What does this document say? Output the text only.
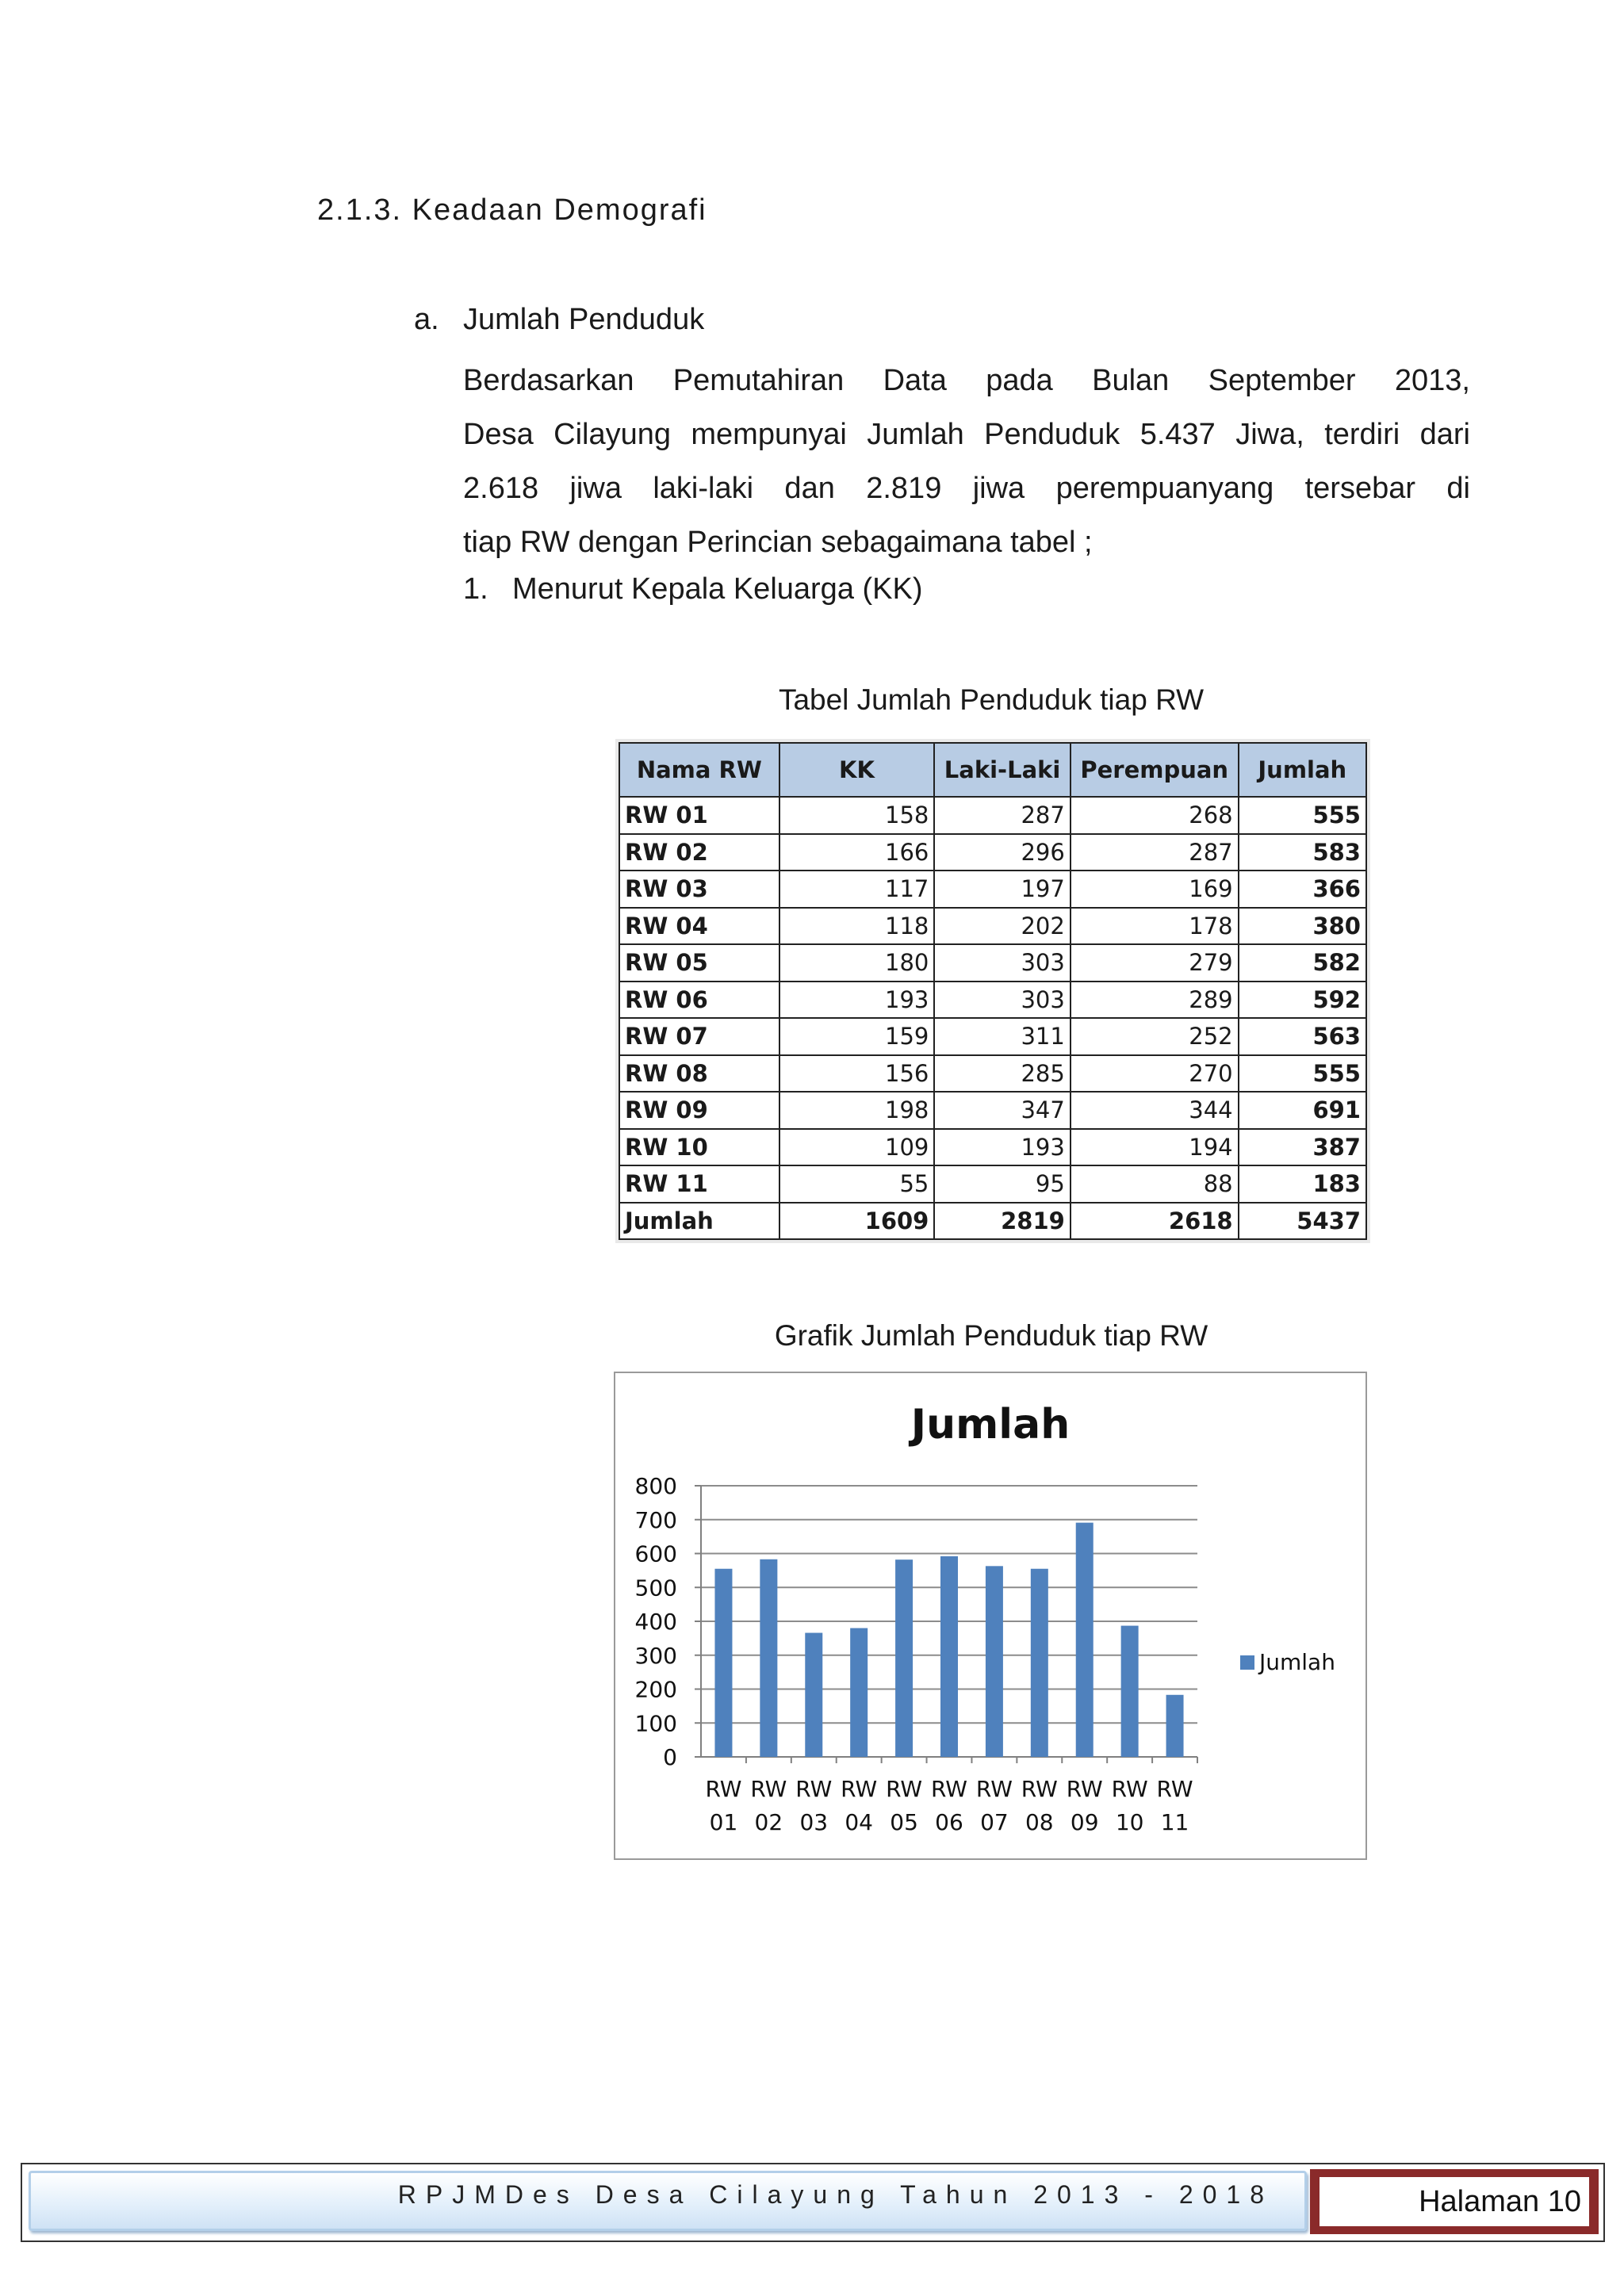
2.1.3. Keadaan Demografi
a. Jumlah Penduduk
Berdasarkan Pemutahiran Data pada Bulan September 2013,
Desa Cilayung mempunyai Jumlah Penduduk 5.437 Jiwa, terdiri dari
2.618 jiwa laki-laki dan 2.819 jiwa perempuanyang tersebar di
tiap RW dengan Perincian sebagaimana tabel ;
1. Menurut Kepala Keluarga (KK)
Tabel Jumlah Penduduk tiap RW
Nama RW	KK	Laki-Laki	Perempuan	Jumlah
RW 01	158	287	268	555
RW 02	166	296	287	583
RW 03	117	197	169	366
RW 04	118	202	178	380
RW 05	180	303	279	582
RW 06	193	303	289	592
RW 07	159	311	252	563
RW 08	156	285	270	555
RW 09	198	347	344	691
RW 10	109	193	194	387
RW 11	55	95	88	183
Jumlah	1609	2819	2618	5437
Grafik Jumlah Penduduk tiap RW
Jumlah
0
100
200
300
400
500
600
700
800
RW 01
RW 02
RW 03
RW 04
RW 05
RW 06
RW 07
RW 08
RW 09
RW 10
RW 11
Jumlah
RPJMDes Desa Cilayung Tahun 2013 - 2018	Halaman 10
